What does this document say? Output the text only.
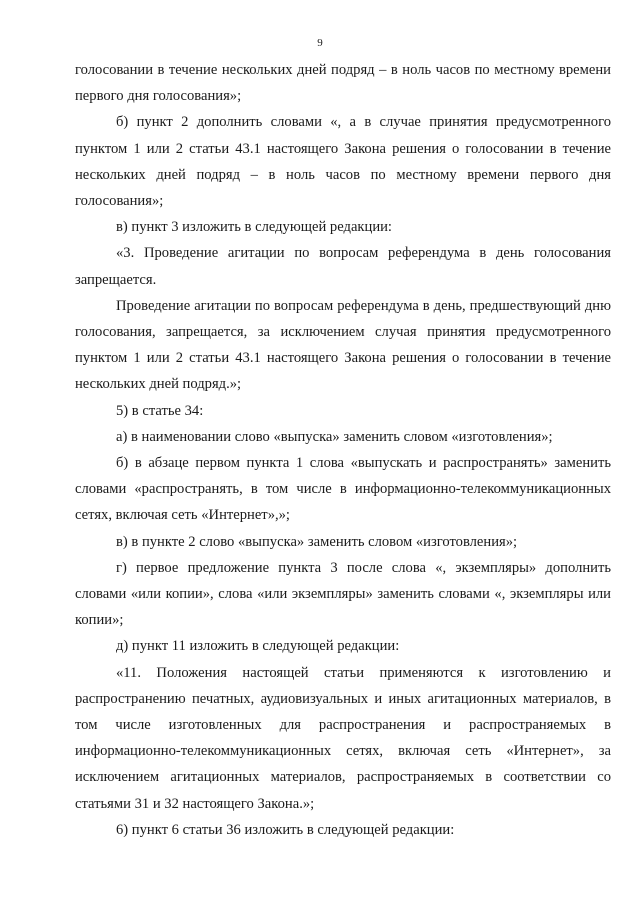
9

голосовании в течение нескольких дней подряд – в ноль часов по местному времени первого дня голосования»;

б) пункт 2 дополнить словами «, а в случае принятия предусмотренного пунктом 1 или 2 статьи 43.1 настоящего Закона решения о голосовании в течение нескольких дней подряд – в ноль часов по местному времени первого дня голосования»;

в) пункт 3 изложить в следующей редакции:

«3. Проведение агитации по вопросам референдума в день голосования запрещается.

Проведение агитации по вопросам референдума в день, предшествующий дню голосования, запрещается, за исключением случая принятия предусмотренного пунктом 1 или 2 статьи 43.1 настоящего Закона решения о голосовании в течение нескольких дней подряд.»;

5) в статье 34:

а) в наименовании слово «выпуска» заменить словом «изготовления»;

б) в абзаце первом пункта 1 слова «выпускать и распространять» заменить словами «распространять, в том числе в информационно-телекоммуникационных сетях, включая сеть «Интернет»,»;

в) в пункте 2 слово «выпуска» заменить словом «изготовления»;

г) первое предложение пункта 3 после слова «, экземпляры» дополнить словами «или копии», слова «или экземпляры» заменить словами «, экземпляры или копии»;

д) пункт 11 изложить в следующей редакции:

«11. Положения настоящей статьи применяются к изготовлению и распространению печатных, аудиовизуальных и иных агитационных материалов, в том числе изготовленных для распространения и распространяемых в информационно-телекоммуникационных сетях, включая сеть «Интернет», за исключением агитационных материалов, распространяемых в соответствии со статьями 31 и 32 настоящего Закона.»;

6) пункт 6 статьи 36 изложить в следующей редакции:
